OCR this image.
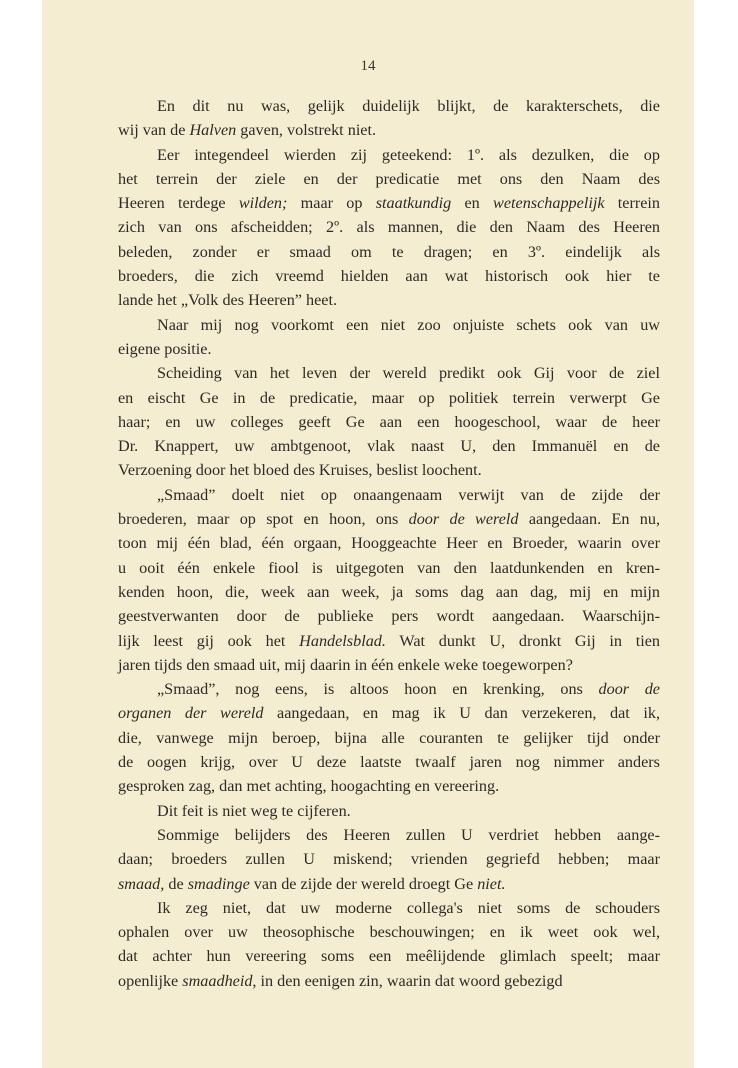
14

En dit nu was, gelijk duidelijk blijkt, de karakterschets, die
wij van de Halven gaven, volstrekt niet.

Eer integendeel wierden zij geteekend: 1º. als dezulken, die op
het terrein der ziele en der predicatie met ons den Naam des
Heeren terdege wilden; maar op staatkundig en wetenschappelijk terrein
zich van ons afscheidden; 2º. als mannen, die den Naam des Heeren
beleden, zonder er smaad om te dragen; en 3º. eindelijk als
broeders, die zich vreemd hielden aan wat historisch ook hier te
lande het „Volk des Heeren” heet.

Naar mij nog voorkomt een niet zoo onjuiste schets ook van uw
eigene positie.

Scheiding van het leven der wereld predikt ook Gij voor de ziel
en eischt Ge in de predicatie, maar op politiek terrein verwerpt Ge
haar; en uw colleges geeft Ge aan een hoogeschool, waar de heer
Dr. Knappert, uw ambtgenoot, vlak naast U, den Immanuël en de
Verzoening door het bloed des Kruises, beslist loochent.

„Smaad” doelt niet op onaangenaam verwijt van de zijde der
broederen, maar op spot en hoon, ons door de wereld aangedaan. En nu,
toon mij één blad, één orgaan, Hooggeachte Heer en Broeder, waarin over
u ooit één enkele fiool is uitgegoten van den laatdunkenden en kren-
kenden hoon, die, week aan week, ja soms dag aan dag, mij en mijn
geestverwanten door de publieke pers wordt aangedaan. Waarschijn-
lijk leest gij ook het Handelsblad. Wat dunkt U, dronkt Gij in tien
jaren tijds den smaad uit, mij daarin in één enkele weke toegeworpen?

„Smaad”, nog eens, is altoos hoon en krenking, ons door de
organen der wereld aangedaan, en mag ik U dan verzekeren, dat ik,
die, vanwege mijn beroep, bijna alle couranten te gelijker tijd onder
de oogen krijg, over U deze laatste twaalf jaren nog nimmer anders
gesproken zag, dan met achting, hoogachting en vereering.

Dit feit is niet weg te cijferen.

Sommige belijders des Heeren zullen U verdriet hebben aange-
daan; broeders zullen U miskend; vrienden gegriefd hebben; maar
smaad, de smadinge van de zijde der wereld droegt Ge niet.

Ik zeg niet, dat uw moderne collega's niet soms de schouders
ophalen over uw theosophische beschouwingen; en ik weet ook wel,
dat achter hun vereering soms een meêlijdende glimlach speelt; maar
openlijke smaadheid, in den eenigen zin, waarin dat woord gebezigd
